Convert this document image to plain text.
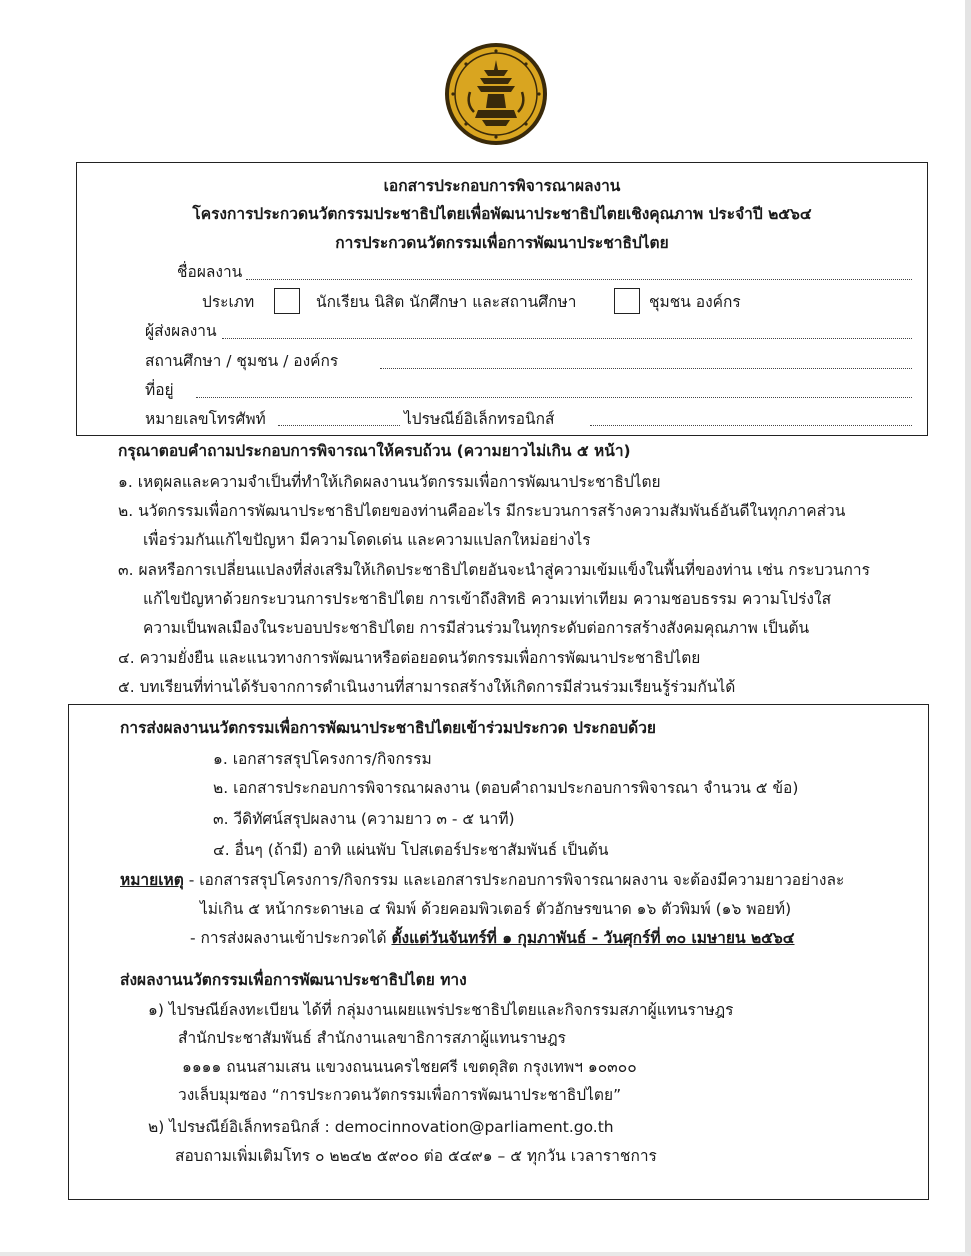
เอกสารประกอบการพิจารณาผลงาน
โครงการประกวดนวัตกรรมประชาธิปไตยเพื่อพัฒนาประชาธิปไตยเชิงคุณภาพ ประจำปี ๒๕๖๔
การประกวดนวัตกรรมเพื่อการพัฒนาประชาธิปไตย
ชื่อผลงาน
ประเภท	นักเรียน นิสิต นักศึกษา และสถานศึกษา	ชุมชน องค์กร
ผู้ส่งผลงาน
สถานศึกษา / ชุมชน / องค์กร
ที่อยู่
หมายเลขโทรศัพท์	ไปรษณีย์อิเล็กทรอนิกส์
กรุณาตอบคำถามประกอบการพิจารณาให้ครบถ้วน (ความยาวไม่เกิน ๕ หน้า)
๑. เหตุผลและความจำเป็นที่ทำให้เกิดผลงานนวัตกรรมเพื่อการพัฒนาประชาธิปไตย
๒. นวัตกรรมเพื่อการพัฒนาประชาธิปไตยของท่านคืออะไร มีกระบวนการสร้างความสัมพันธ์อันดีในทุกภาคส่วน
เพื่อร่วมกันแก้ไขปัญหา มีความโดดเด่น และความแปลกใหม่อย่างไร
๓. ผลหรือการเปลี่ยนแปลงที่ส่งเสริมให้เกิดประชาธิปไตยอันจะนำสู่ความเข้มแข็งในพื้นที่ของท่าน เช่น กระบวนการ
แก้ไขปัญหาด้วยกระบวนการประชาธิปไตย การเข้าถึงสิทธิ ความเท่าเทียม ความชอบธรรม ความโปร่งใส
ความเป็นพลเมืองในระบอบประชาธิปไตย การมีส่วนร่วมในทุกระดับต่อการสร้างสังคมคุณภาพ เป็นต้น
๔. ความยั่งยืน และแนวทางการพัฒนาหรือต่อยอดนวัตกรรมเพื่อการพัฒนาประชาธิปไตย
๕. บทเรียนที่ท่านได้รับจากการดำเนินงานที่สามารถสร้างให้เกิดการมีส่วนร่วมเรียนรู้ร่วมกันได้
การส่งผลงานนวัตกรรมเพื่อการพัฒนาประชาธิปไตยเข้าร่วมประกวด ประกอบด้วย
๑. เอกสารสรุปโครงการ/กิจกรรม
๒. เอกสารประกอบการพิจารณาผลงาน (ตอบคำถามประกอบการพิจารณา จำนวน ๕ ข้อ)
๓. วีดิทัศน์สรุปผลงาน (ความยาว ๓ - ๕ นาที)
๔. อื่นๆ (ถ้ามี) อาทิ แผ่นพับ โปสเตอร์ประชาสัมพันธ์ เป็นต้น
หมายเหตุ - เอกสารสรุปโครงการ/กิจกรรม และเอกสารประกอบการพิจารณาผลงาน จะต้องมีความยาวอย่างละ
ไม่เกิน ๕ หน้ากระดาษเอ ๔ พิมพ์ ด้วยคอมพิวเตอร์ ตัวอักษรขนาด ๑๖ ตัวพิมพ์ (๑๖ พอยท์)
- การส่งผลงานเข้าประกวดได้ ตั้งแต่วันจันทร์ที่ ๑ กุมภาพันธ์ - วันศุกร์ที่ ๓๐ เมษายน ๒๕๖๔
ส่งผลงานนวัตกรรมเพื่อการพัฒนาประชาธิปไตย ทาง
๑) ไปรษณีย์ลงทะเบียน ได้ที่ กลุ่มงานเผยแพร่ประชาธิปไตยและกิจกรรมสภาผู้แทนราษฎร
สำนักประชาสัมพันธ์ สำนักงานเลขาธิการสภาผู้แทนราษฎร
๑๑๑๑ ถนนสามเสน แขวงถนนนครไชยศรี เขตดุสิต กรุงเทพฯ ๑๐๓๐๐
วงเล็บมุมซอง “การประกวดนวัตกรรมเพื่อการพัฒนาประชาธิปไตย”
๒) ไปรษณีย์อิเล็กทรอนิกส์ : democinnovation@parliament.go.th
สอบถามเพิ่มเติมโทร ๐ ๒๒๔๒ ๕๙๐๐ ต่อ ๕๔๙๑ – ๕ ทุกวัน เวลาราชการ
